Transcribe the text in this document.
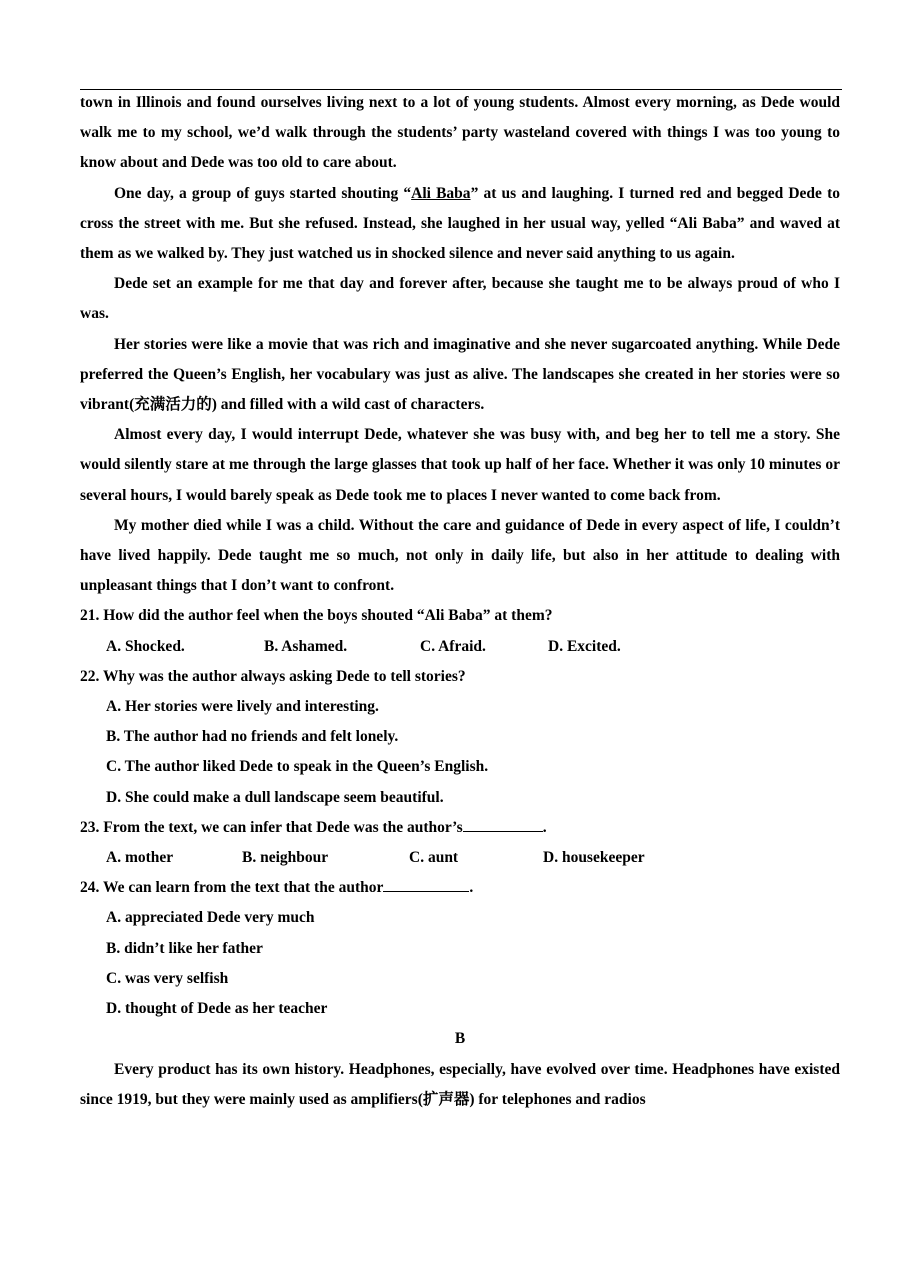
town in Illinois and found ourselves living next to a lot of young students. Almost every morning, as Dede would walk me to my school, we’d walk through the students’ party wasteland covered with things I was too young to know about and Dede was too old to care about.

One day, a group of guys started shouting “Ali Baba” at us and laughing. I turned red and begged Dede to cross the street with me. But she refused. Instead, she laughed in her usual way, yelled “Ali Baba” and waved at them as we walked by. They just watched us in shocked silence and never said anything to us again.

Dede set an example for me that day and forever after, because she taught me to be always proud of who I was.

Her stories were like a movie that was rich and imaginative and she never sugarcoated anything. While Dede preferred the Queen’s English, her vocabulary was just as alive. The landscapes she created in her stories were so vibrant(充满活力的) and filled with a wild cast of characters.

Almost every day, I would interrupt Dede, whatever she was busy with, and beg her to tell me a story. She would silently stare at me through the large glasses that took up half of her face. Whether it was only 10 minutes or several hours, I would barely speak as Dede took me to places I never wanted to come back from.

My mother died while I was a child. Without the care and guidance of Dede in every aspect of life, I couldn’t have lived happily. Dede taught me so much, not only in daily life, but also in her attitude to dealing with unpleasant things that I don’t want to confront.

21. How did the author feel when the boys shouted “Ali Baba” at them?
A. Shocked.	B. Ashamed.	C. Afraid.	D. Excited.
22. Why was the author always asking Dede to tell stories?
A. Her stories were lively and interesting.
B. The author had no friends and felt lonely.
C. The author liked Dede to speak in the Queen’s English.
D. She could make a dull landscape seem beautiful.
23. From the text, we can infer that Dede was the author’s	.
A. mother	B. neighbour	C. aunt	D. housekeeper
24. We can learn from the text that the author	.
A. appreciated Dede very much
B. didn’t like her father
C. was very selfish
D. thought of Dede as her teacher
B

Every product has its own history. Headphones, especially, have evolved over time. Headphones have existed since 1919, but they were mainly used as amplifiers(扩声器) for telephones and radios
